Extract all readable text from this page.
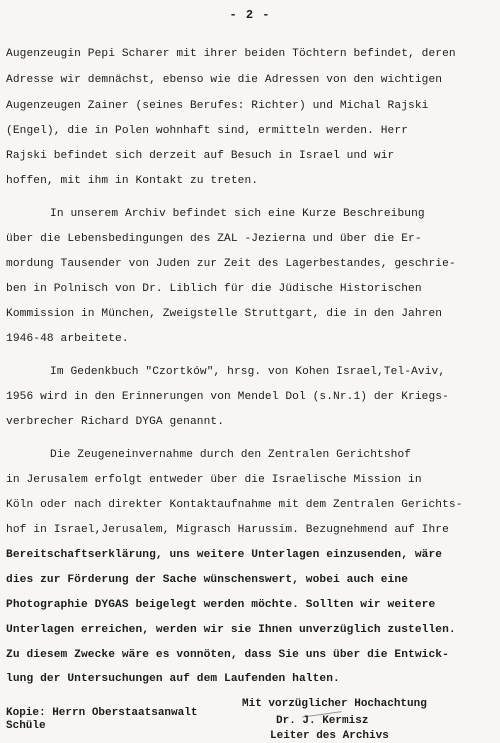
- 2 -
Augenzeugin Pepi Scharer mit ihrer beiden Töchtern befindet, deren
Adresse wir demnächst, ebenso wie die Adressen von den wichtigen
Augenzeugen Zainer (seines Berufes: Richter) und Michal Rajski
(Engel), die in Polen wohnhaft sind, ermitteln werden. Herr
Rajski befindet sich derzeit auf Besuch in Israel und wir
hoffen, mit ihm in Kontakt zu treten.
In unserem Archiv befindet sich eine Kurze Beschreibung
über die Lebensbedingungen des ZAL -Jezierna und über die Er-
mordung Tausender von Juden zur Zeit des Lagerbestandes, geschrie-
ben in Polnisch von Dr. Liblich für die Jüdische Historischen
Kommission in München, Zweigstelle Struttgart, die in den Jahren
1946-48 arbeitete.
Im Gedenkbuch "Czortków", hrsg. von Kohen Israel,Tel-Aviv,
1956 wird in den Erinnerungen von Mendel Dol (s.Nr.1) der Kriegs-
verbrecher Richard DYGA genannt.
Die Zeugeneinvernahme durch den Zentralen Gerichtshof
in Jerusalem erfolgt entweder über die Israelische Mission in
Köln oder nach direkter Kontaktaufnahme mit dem Zentralen Gerichts-
hof in Israel,Jerusalem, Migrasch Harussim. Bezugnehmend auf Ihre
Bereitschaftserklärung, uns weitere Unterlagen einzusenden, wäre
dies zur Förderung der Sache wünschenswert, wobei auch eine
Photographie DYGAS beigelegt werden möchte. Sollten wir weitere
Unterlagen erreichen, werden wir sie Ihnen unverzüglich zustellen.
Zu diesem Zwecke wäre es vonnöten, dass Sie uns über die Entwick-
lung der Untersuchungen auf dem Laufenden halten.
Mit vorzüglicher Hochachtung
Kopie: Herrn Oberstaatsanwalt
Schüle	Dr. J. Kermisz
Leiter des Archivs
